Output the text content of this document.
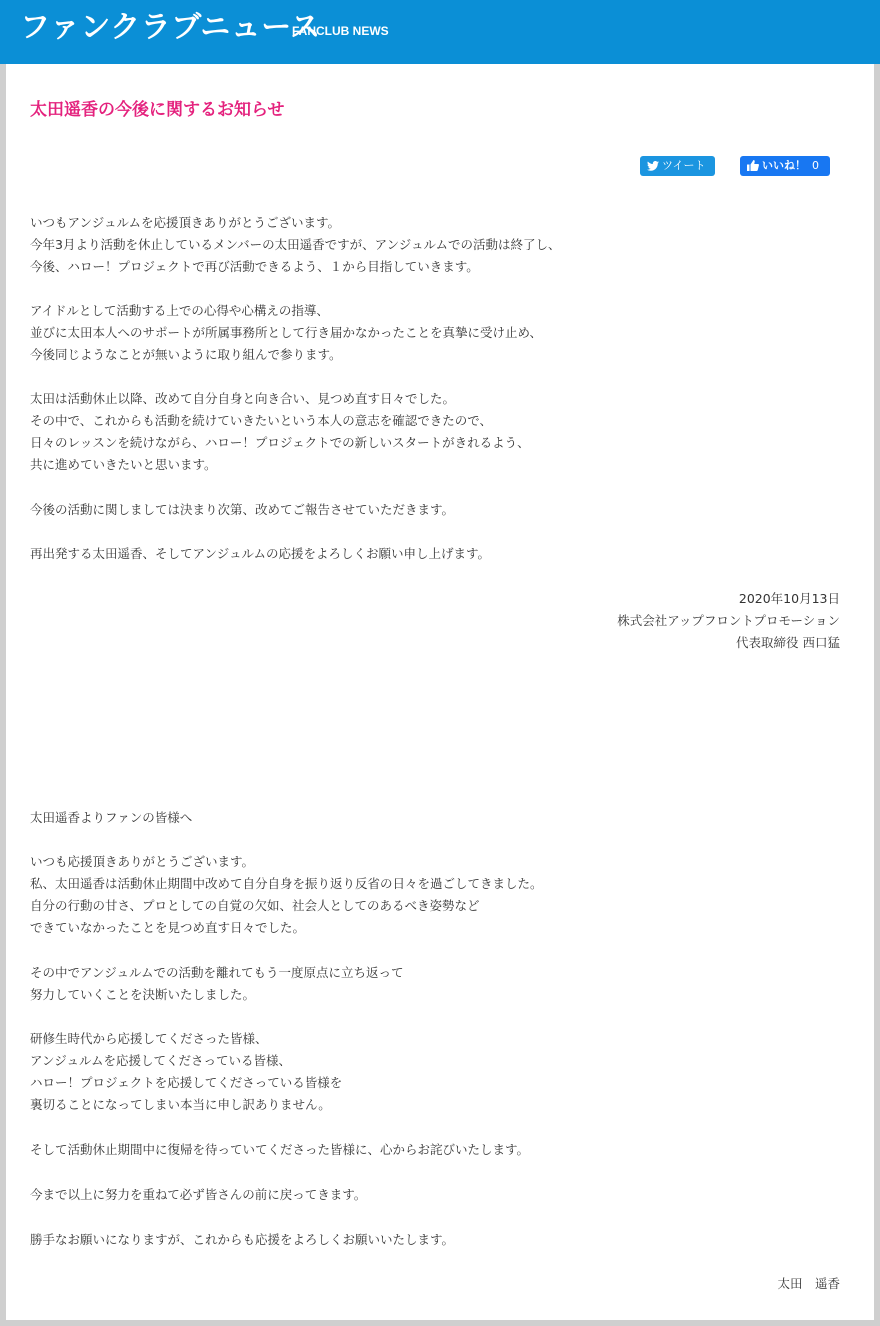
ファンクラブニュース
FANCLUB NEWS
太田遥香の今後に関するお知らせ
ツイート	いいね！ 0
いつもアンジュルムを応援頂きありがとうございます。
今年3月より活動を休止しているメンバーの太田遥香ですが、アンジュルムでの活動は終了し、
今後、ハロー！プロジェクトで再び活動できるよう、１から目指していきます。
アイドルとして活動する上での心得や心構えの指導、
並びに太田本人へのサポートが所属事務所として行き届かなかったことを真摯に受け止め、
今後同じようなことが無いように取り組んで参ります。
太田は活動休止以降、改めて自分自身と向き合い、見つめ直す日々でした。
その中で、これからも活動を続けていきたいという本人の意志を確認できたので、
日々のレッスンを続けながら、ハロー！プロジェクトでの新しいスタートがきれるよう、
共に進めていきたいと思います。
今後の活動に関しましては決まり次第、改めてご報告させていただきます。
再出発する太田遥香、そしてアンジュルムの応援をよろしくお願い申し上げます。
2020年10月13日
株式会社アップフロントプロモーション
代表取締役 西口猛
太田遥香よりファンの皆様へ
いつも応援頂きありがとうございます。
私、太田遥香は活動休止期間中改めて自分自身を振り返り反省の日々を過ごしてきました。
自分の行動の甘さ、プロとしての自覚の欠如、社会人としてのあるべき姿勢など
できていなかったことを見つめ直す日々でした。
その中でアンジュルムでの活動を離れてもう一度原点に立ち返って
努力していくことを決断いたしました。
研修生時代から応援してくださった皆様、
アンジュルムを応援してくださっている皆様、
ハロー！プロジェクトを応援してくださっている皆様を
裏切ることになってしまい本当に申し訳ありません。
そして活動休止期間中に復帰を待っていてくださった皆様に、心からお詫びいたします。
今まで以上に努力を重ねて必ず皆さんの前に戻ってきます。
勝手なお願いになりますが、これからも応援をよろしくお願いいたします。
太田　遥香
